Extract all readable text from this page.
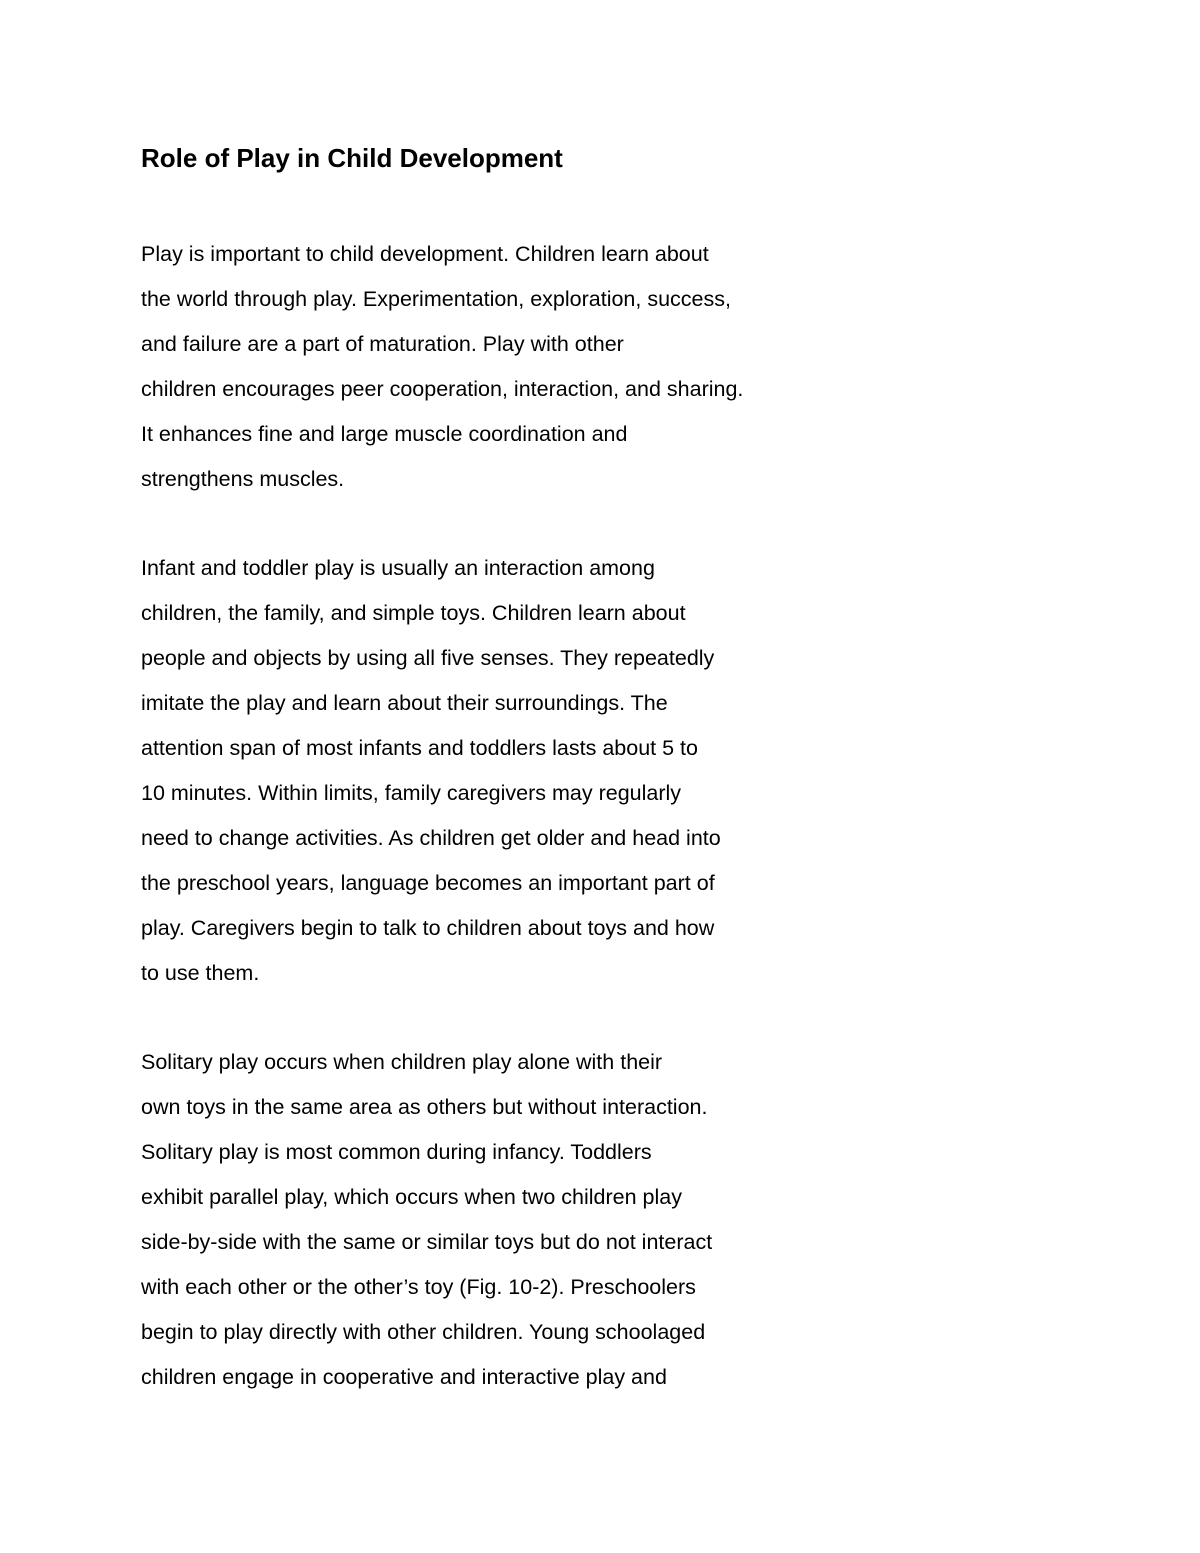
Role of Play in Child Development
Play is important to child development. Children learn about
the world through play. Experimentation, exploration, success,
and failure are a part of maturation. Play with other
children encourages peer cooperation, interaction, and sharing.
It enhances fine and large muscle coordination and
strengthens muscles.
Infant and toddler play is usually an interaction among
children, the family, and simple toys. Children learn about
people and objects by using all five senses. They repeatedly
imitate the play and learn about their surroundings. The
attention span of most infants and toddlers lasts about 5 to
10 minutes. Within limits, family caregivers may regularly
need to change activities. As children get older and head into
the preschool years, language becomes an important part of
play. Caregivers begin to talk to children about toys and how
to use them.
Solitary play occurs when children play alone with their
own toys in the same area as others but without interaction.
Solitary play is most common during infancy. Toddlers
exhibit parallel play, which occurs when two children play
side-by-side with the same or similar toys but do not interact
with each other or the other’s toy (Fig. 10-2). Preschoolers
begin to play directly with other children. Young schoolaged
children engage in cooperative and interactive play and
